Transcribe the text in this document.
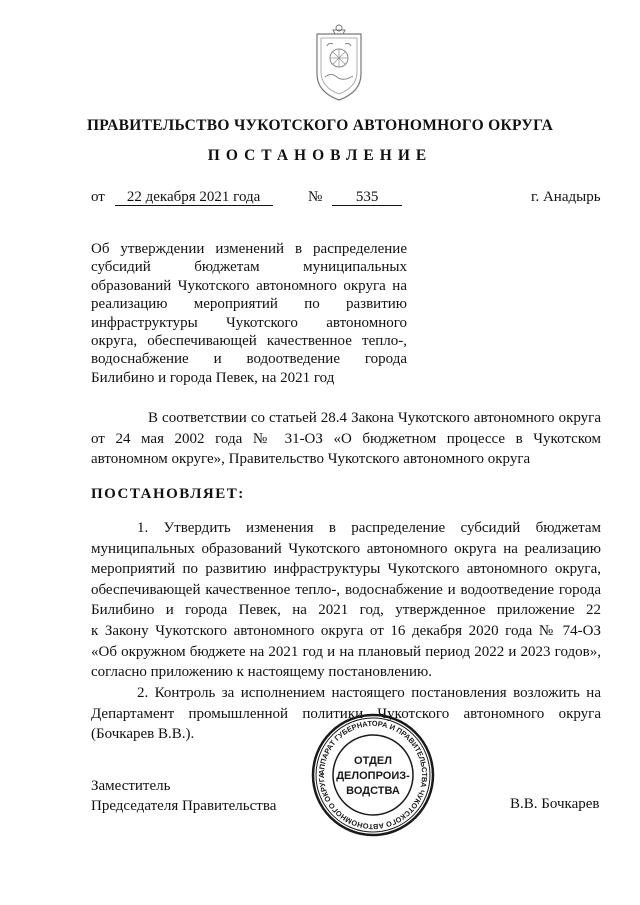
ПРАВИТЕЛЬСТВО ЧУКОТСКОГО АВТОНОМНОГО ОКРУГА
ПОСТАНОВЛЕНИЕ
от 22 декабря 2021 года	№ 535	г. Анадырь
Об утверждении изменений в распределение
субсидий бюджетам муниципальных
образований Чукотского автономного округа на
реализацию мероприятий по развитию
инфраструктуры Чукотского автономного
округа, обеспечивающей качественное тепло-,
водоснабжение и водоотведение города
Билибино и города Певек, на 2021 год
В соответствии со статьей 28.4 Закона Чукотского автономного округа
от 24 мая 2002 года № 31-ОЗ «О бюджетном процессе в Чукотском
автономном округе», Правительство Чукотского автономного округа
ПОСТАНОВЛЯЕТ:
1. Утвердить изменения в распределение субсидий бюджетам
муниципальных образований Чукотского автономного округа на реализацию
мероприятий по развитию инфраструктуры Чукотского автономного округа,
обеспечивающей качественное тепло-, водоснабжение и водоотведение города
Билибино и города Певек, на 2021 год, утвержденное приложение 22
к Закону Чукотского автономного округа от 16 декабря 2020 года № 74-ОЗ
«Об окружном бюджете на 2021 год и на плановый период 2022 и 2023 годов»,
согласно приложению к настоящему постановлению.
2. Контроль за исполнением настоящего постановления возложить на
Департамент промышленной политики Чукотского автономного округа
(Бочкарев В.В.).
АППАРАТ ГУБЕРНАТОРА И ПРАВИТЕЛЬСТВА ЧУКОТСКОГО АВТОНОМНОГО ОКРУГА
ОТДЕЛ
ДЕЛОПРОИЗ-
ВОДСТВА
Заместитель
Председателя Правительства	В.В. Бочкарев
